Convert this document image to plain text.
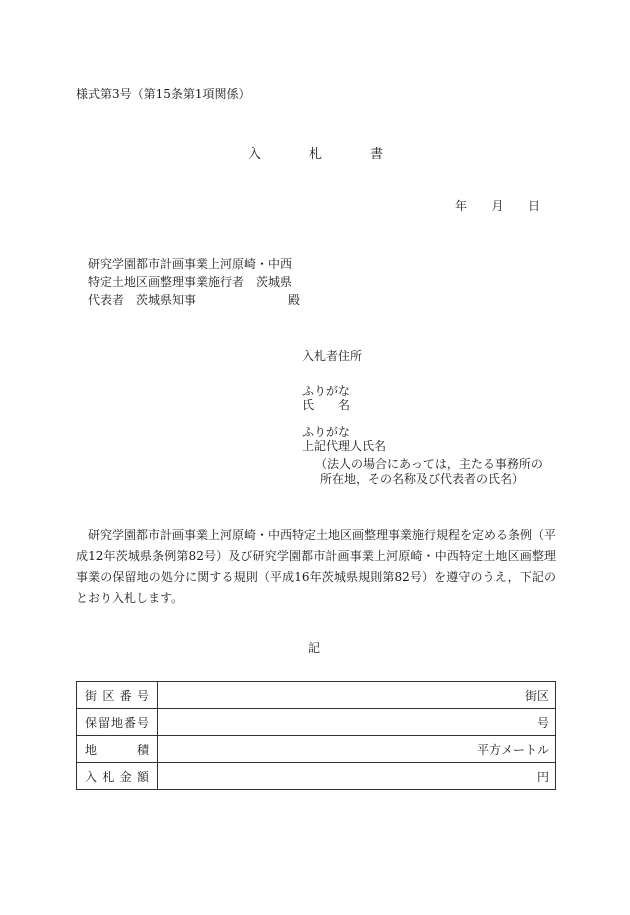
様式第3号（第15条第1項関係）
入	札	書
年 月 日
研究学園都市計画事業上河原崎・中西
特定土地区画整理事業施行者　茨城県
代表者　茨城県知事	殿
入札者住所
ふりがな
氏 名
ふりがな
上記代理人氏名
（法人の場合にあっては，主たる事務所の
所在地，その名称及び代表者の氏名）
研究学園都市計画事業上河原崎・中西特定土地区画整理事業施行規程を定める条例（平成12年茨城県条例第82号）及び研究学園都市計画事業上河原崎・中西特定土地区画整理事業の保留地の処分に関する規則（平成16年茨城県規則第82号）を遵守のうえ，下記のとおり入札します。
記
街区番号	街区
保留地番号	号
地積	平方メートル
入札金額	円
